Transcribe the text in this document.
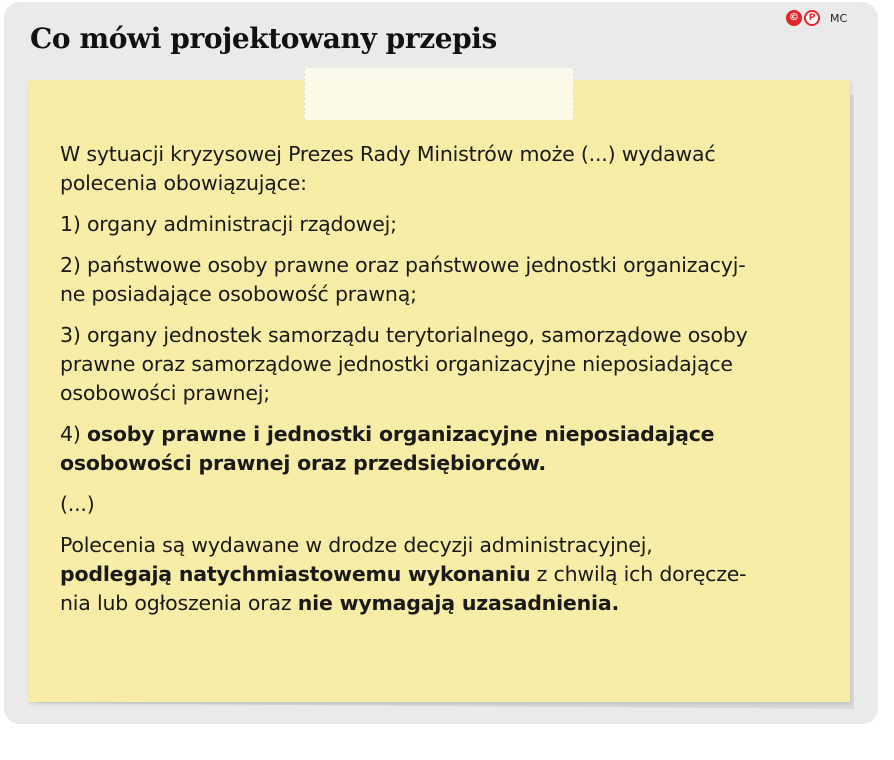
Co mówi projektowany przepis
©	P	MC

W sytuacji kryzysowej Prezes Rady Ministrów może (...) wydawać
polecenia obowiązujące:

1) organy administracji rządowej;

2) państwowe osoby prawne oraz państwowe jednostki organizacyj-
ne posiadające osobowość prawną;

3) organy jednostek samorządu terytorialnego, samorządowe osoby
prawne oraz samorządowe jednostki organizacyjne nieposiadające
osobowości prawnej;

4) osoby prawne i jednostki organizacyjne nieposiadające
osobowości prawnej oraz przedsiębiorców.

(...)

Polecenia są wydawane w drodze decyzji administracyjnej,
podlegają natychmiastowemu wykonaniu z chwilą ich doręcze-
nia lub ogłoszenia oraz nie wymagają uzasadnienia.
